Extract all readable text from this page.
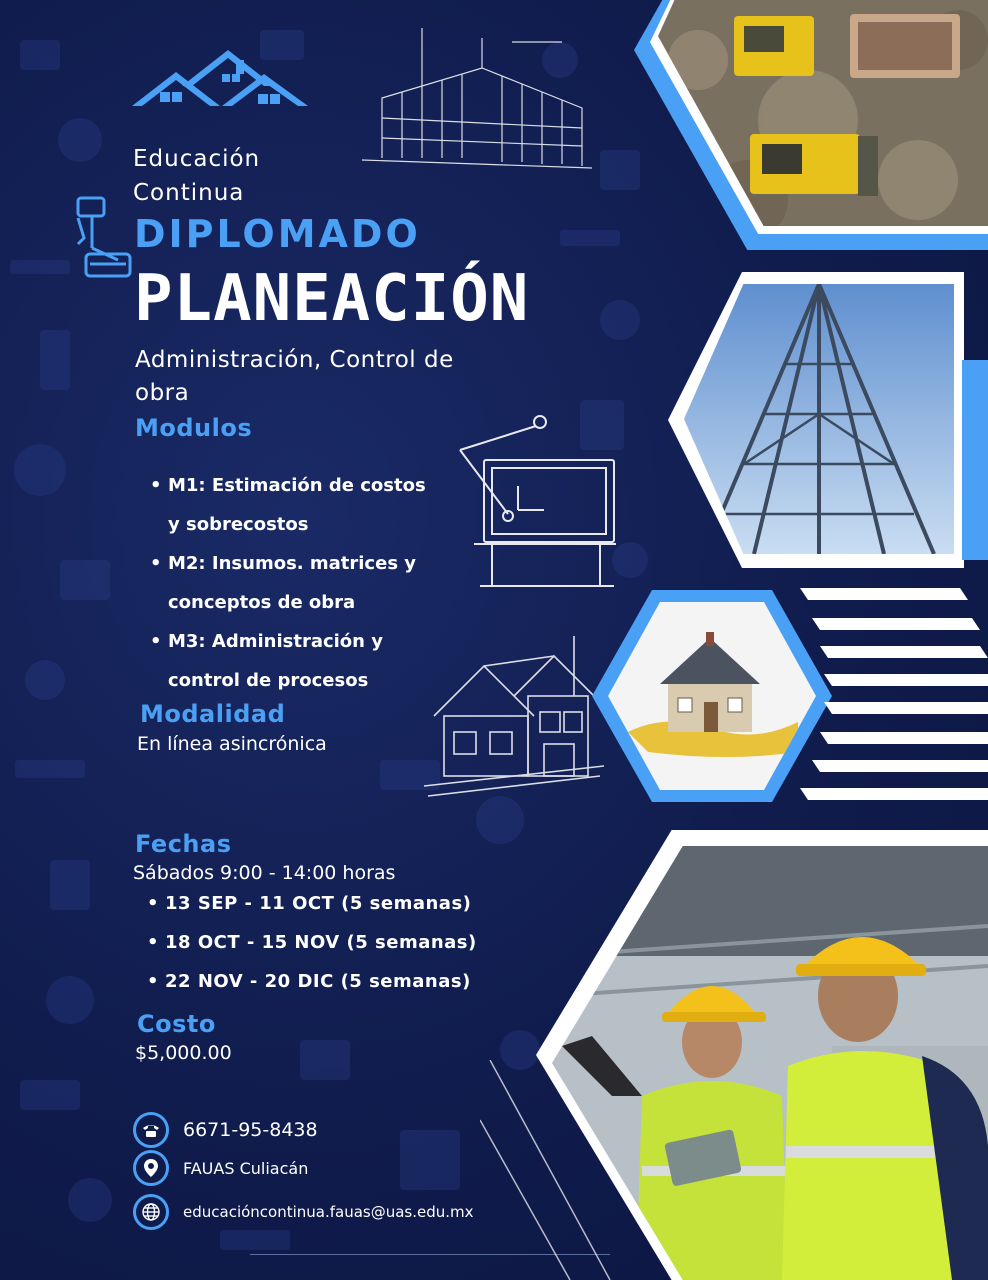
Educación
Continua
DIPLOMADO
PLANEACIÓN
Administración, Control de
obra
Modulos
• M1: Estimación de costos
y sobrecostos
• M2: Insumos. matrices y
conceptos de obra
• M3: Administración y
control de procesos
Modalidad
En línea asincrónica
Fechas
Sábados 9:00 - 14:00 horas
• 13 SEP - 11 OCT (5 semanas)
• 18 OCT - 15 NOV (5 semanas)
• 22 NOV - 20 DIC (5 semanas)
Costo
$5,000.00
6671-95-8438
FAUAS Culiacán
educacióncontinua.fauas@uas.edu.mx
